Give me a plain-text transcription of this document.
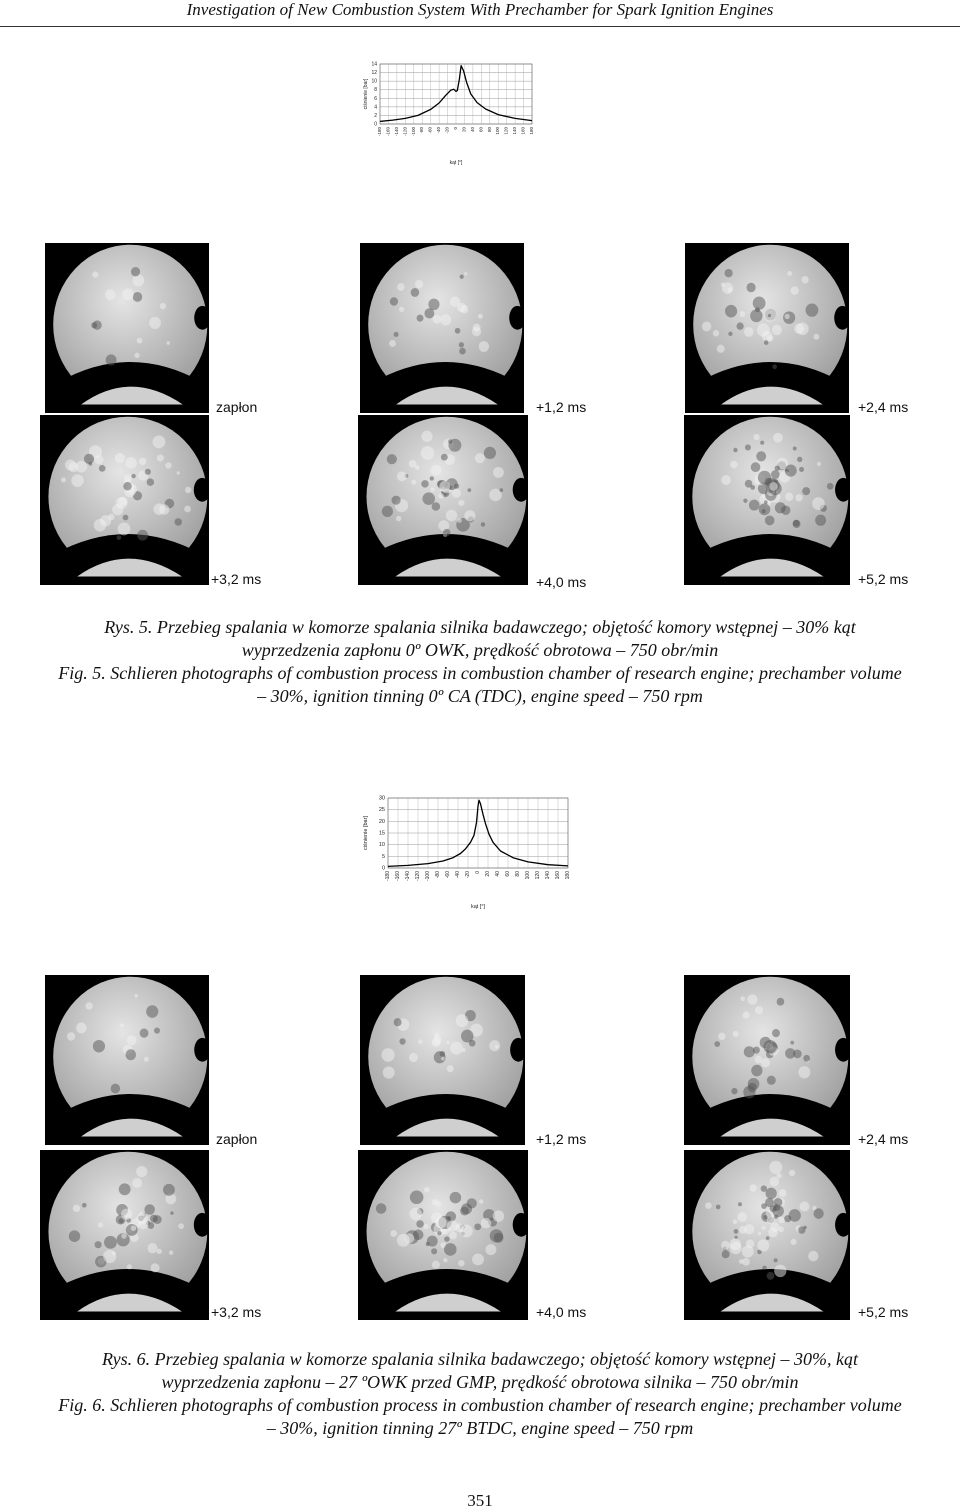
Investigation of New Combustion System With Prechamber for Spark Ignition Engines
0
2
4
6
8
10
12
14
-180 -160 -140 -120 -100 -80 -60 -40 -20 0 20 40 60 80 100 120 140 160 180
kąt [°]
ciśnienie [bar]
zapłon	+1,2 ms	+2,4 ms
+3,2 ms	+4,0 ms	+5,2 ms
Rys. 5. Przebieg spalania w komorze spalania silnika badawczego; objętość komory wstępnej – 30% kąt
wyprzedzenia zapłonu 0º OWK, prędkość obrotowa – 750 obr/min
Fig. 5. Schlieren photographs of combustion process in combustion chamber of research engine; prechamber volume
– 30%, ignition tinning 0º CA (TDC), engine speed – 750 rpm
0
5
10
15
20
25
30
-180 -160 -140 -120 -100 -80 -60 -40 -20 0 20 40 60 80 100 120 140 160 180
kąt [°]
ciśnienie [bar]
zapłon	+1,2 ms	+2,4 ms
+3,2 ms	+4,0 ms	+5,2 ms
Rys. 6. Przebieg spalania w komorze spalania silnika badawczego; objętość komory wstępnej – 30%, kąt
wyprzedzenia zapłonu – 27 ºOWK przed GMP, prędkość obrotowa silnika – 750 obr/min
Fig. 6. Schlieren photographs of combustion process in combustion chamber of research engine; prechamber volume
– 30%, ignition tinning 27º BTDC, engine speed – 750 rpm
351
